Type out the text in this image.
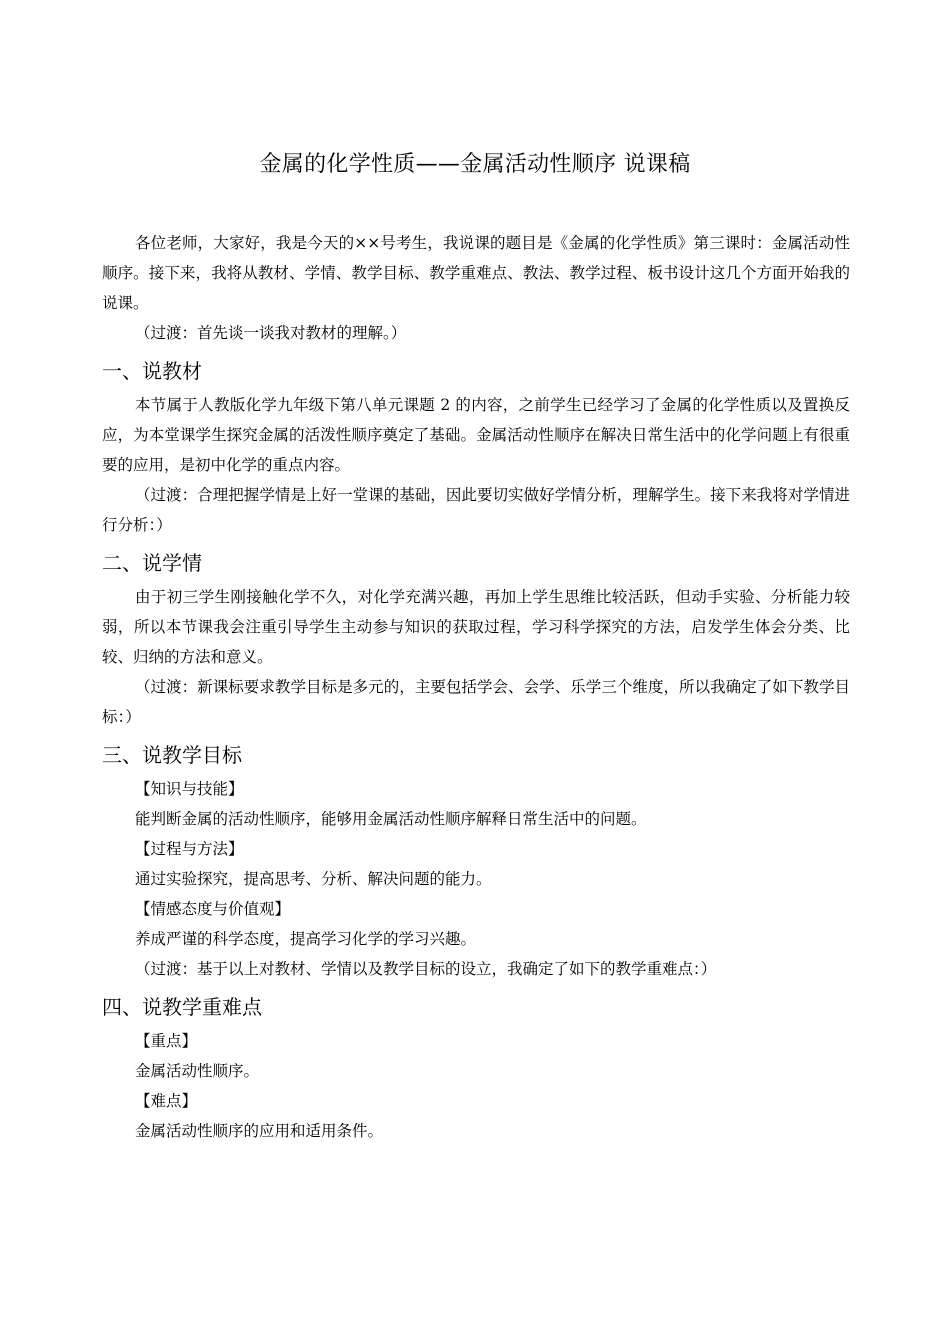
金属的化学性质——金属活动性顺序 说课稿

各位老师，大家好，我是今天的××号考生，我说课的题目是《金属的化学性质》第三课时：金属活动性顺序。接下来，我将从教材、学情、教学目标、教学重难点、教法、教学过程、板书设计这几个方面开始我的说课。

（过渡：首先谈一谈我对教材的理解。）

一、说教材

本节属于人教版化学九年级下第八单元课题 2 的内容，之前学生已经学习了金属的化学性质以及置换反应，为本堂课学生探究金属的活泼性顺序奠定了基础。金属活动性顺序在解决日常生活中的化学问题上有很重要的应用，是初中化学的重点内容。

（过渡：合理把握学情是上好一堂课的基础，因此要切实做好学情分析，理解学生。接下来我将对学情进行分析：）

二、说学情

由于初三学生刚接触化学不久，对化学充满兴趣，再加上学生思维比较活跃，但动手实验、分析能力较弱，所以本节课我会注重引导学生主动参与知识的获取过程，学习科学探究的方法，启发学生体会分类、比较、归纳的方法和意义。

（过渡：新课标要求教学目标是多元的，主要包括学会、会学、乐学三个维度，所以我确定了如下教学目标：）

三、说教学目标

【知识与技能】

能判断金属的活动性顺序，能够用金属活动性顺序解释日常生活中的问题。

【过程与方法】

通过实验探究，提高思考、分析、解决问题的能力。

【情感态度与价值观】

养成严谨的科学态度，提高学习化学的学习兴趣。

（过渡：基于以上对教材、学情以及教学目标的设立，我确定了如下的教学重难点：）

四、说教学重难点

【重点】

金属活动性顺序。

【难点】

金属活动性顺序的应用和适用条件。
